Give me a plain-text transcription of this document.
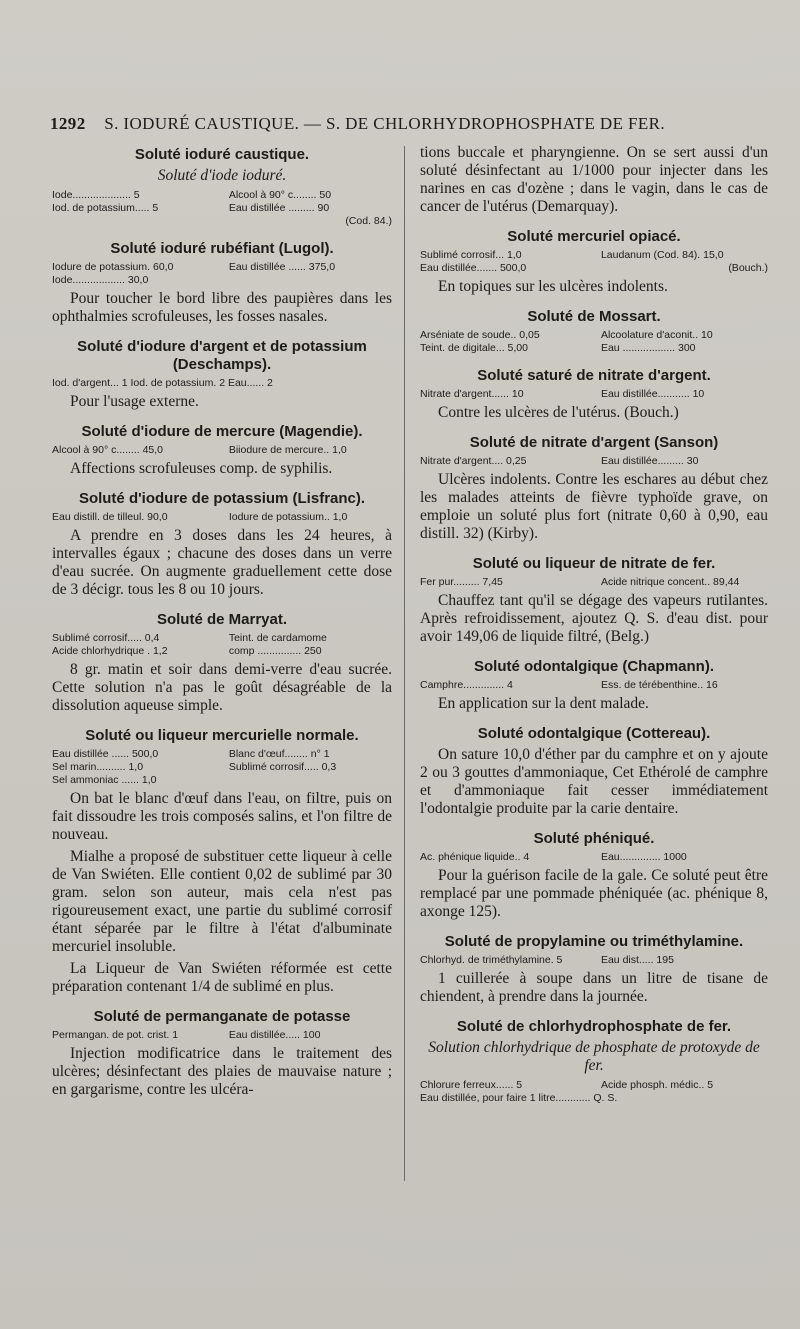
1292 S. IODURÉ CAUSTIQUE. — S. DE CHLORHYDROPHOSPHATE DE FER.
Soluté ioduré caustique.
Soluté d'iode ioduré.
Iode.................... 5	Alcool à 90° c........ 50
Iod. de potassium..... 5	Eau distillée ......... 90
(Cod. 84.)
Soluté ioduré rubéfiant (Lugol).
Iodure de potassium. 60,0	Eau distillée ...... 375,0
Iode.................. 30,0

Pour toucher le bord libre des paupières dans les ophthalmies scrofuleuses, les fosses nasales.

Soluté d'iodure d'argent et de potassium (Deschamps).
Iod. d'argent... 1 Iod. de potassium. 2 Eau...... 2

Pour l'usage externe.

Soluté d'iodure de mercure (Magendie).
Alcool à 90° c........ 45,0	Biiodure de mercure.. 1,0

Affections scrofuleuses comp. de syphilis.

Soluté d'iodure de potassium (Lisfranc).
Eau distill. de tilleul. 90,0	Iodure de potassium.. 1,0

A prendre en 3 doses dans les 24 heures, à intervalles égaux ; chacune des doses dans un verre d'eau sucrée. On augmente graduellement cette dose de 3 décigr. tous les 8 ou 10 jours.

Soluté de Marryat.
Sublimé corrosif..... 0,4	Teint. de cardamome
Acide chlorhydrique . 1,2	comp ............... 250

8 gr. matin et soir dans demi-verre d'eau sucrée. Cette solution n'a pas le goût désagréable de la dissolution aqueuse simple.

Soluté ou liqueur mercurielle normale.
Eau distillée ...... 500,0	Blanc d'œuf........ n° 1
Sel marin.......... 1,0	Sublimé corrosif..... 0,3
Sel ammoniac ...... 1,0

On bat le blanc d'œuf dans l'eau, on filtre, puis on fait dissoudre les trois composés salins, et l'on filtre de nouveau.

Mialhe a proposé de substituer cette liqueur à celle de Van Swiéten. Elle contient 0,02 de sublimé par 30 gram. selon son auteur, mais cela n'est pas rigoureusement exact, une partie du sublimé corrosif étant séparée par le filtre à l'état d'albuminate mercuriel insoluble.

La Liqueur de Van Swiéten réformée est cette préparation contenant 1/4 de sublimé en plus.

Soluté de permanganate de potasse
Permangan. de pot. crist. 1	Eau distillée..... 100

Injection modificatrice dans le traitement des ulcères; désinfectant des plaies de mauvaise nature ; en gargarisme, contre les ulcéra-

tions buccale et pharyngienne. On se sert aussi d'un soluté désinfectant au 1/1000 pour injecter dans les narines en cas d'ozène ; dans le vagin, dans le cas de cancer de l'utérus (Demarquay).

Soluté mercuriel opiacé.
Sublimé corrosif... 1,0	Laudanum (Cod. 84). 15,0
Eau distillée....... 500,0	(Bouch.)

En topiques sur les ulcères indolents.

Soluté de Mossart.
Arséniate de soude.. 0,05	Alcoolature d'aconit.. 10
Teint. de digitale... 5,00	Eau .................. 300
Soluté saturé de nitrate d'argent.
Nitrate d'argent...... 10	Eau distillée........... 10

Contre les ulcères de l'utérus. (Bouch.)

Soluté de nitrate d'argent (Sanson)
Nitrate d'argent.... 0,25	Eau distillée......... 30

Ulcères indolents. Contre les eschares au début chez les malades atteints de fièvre typhoïde grave, on emploie un soluté plus fort (nitrate 0,60 à 0,90, eau distill. 32) (Kirby).

Soluté ou liqueur de nitrate de fer.
Fer pur......... 7,45	Acide nitrique concent.. 89,44

Chauffez tant qu'il se dégage des vapeurs rutilantes. Après refroidissement, ajoutez Q. S. d'eau dist. pour avoir 149,06 de liquide filtré, (Belg.)

Soluté odontalgique (Chapmann).
Camphre.............. 4	Ess. de térébenthine.. 16

En application sur la dent malade.

Soluté odontalgique (Cottereau).

On sature 10,0 d'éther par du camphre et on y ajoute 2 ou 3 gouttes d'ammoniaque, Cet Ethérolé de camphre et d'ammoniaque fait cesser immédiatement l'odontalgie produite par la carie dentaire.

Soluté phéniqué.
Ac. phénique liquide.. 4	Eau.............. 1000

Pour la guérison facile de la gale. Ce soluté peut être remplacé par une pommade phéniquée (ac. phénique 8, axonge 125).

Soluté de propylamine ou triméthylamine.
Chlorhyd. de triméthylamine. 5	Eau dist..... 195

1 cuillerée à soupe dans un litre de tisane de chiendent, à prendre dans la journée.

Soluté de chlorhydrophosphate de fer.
Solution chlorhydrique de phosphate de protoxyde de fer.
Chlorure ferreux...... 5	Acide phosph. médic.. 5
Eau distillée, pour faire 1 litre............ Q. S.
